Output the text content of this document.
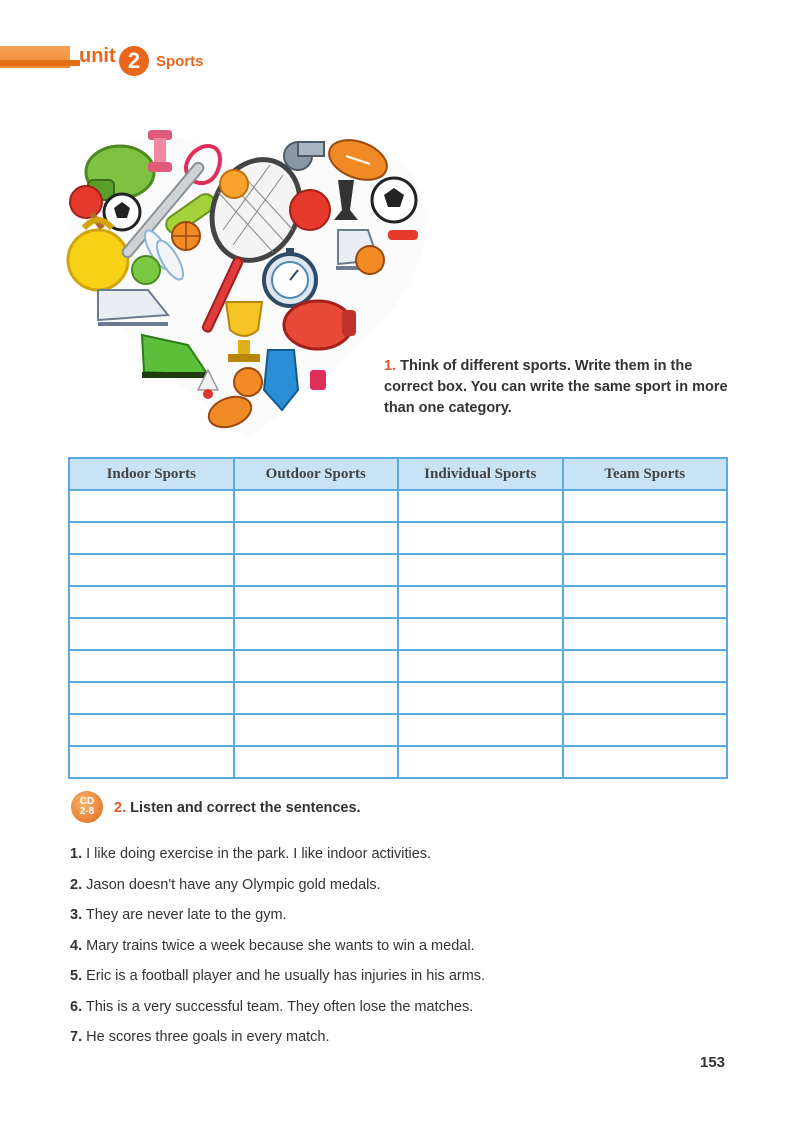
unit 2	Sports
1. Think of different sports. Write them in the correct box. You can write the same sport in more than one category.
Indoor Sports	Outdoor Sports	Individual Sports	Team Sports

CD
2-8 2. Listen and correct the sentences.
1. I like doing exercise in the park. I like indoor activities.
2. Jason doesn't have any Olympic gold medals.
3. They are never late to the gym.
4. Mary trains twice a week because she wants to win a medal.
5. Eric is a football player and he usually has injuries in his arms.
6. This is a very successful team. They often lose the matches.
7. He scores three goals in every match.
153
